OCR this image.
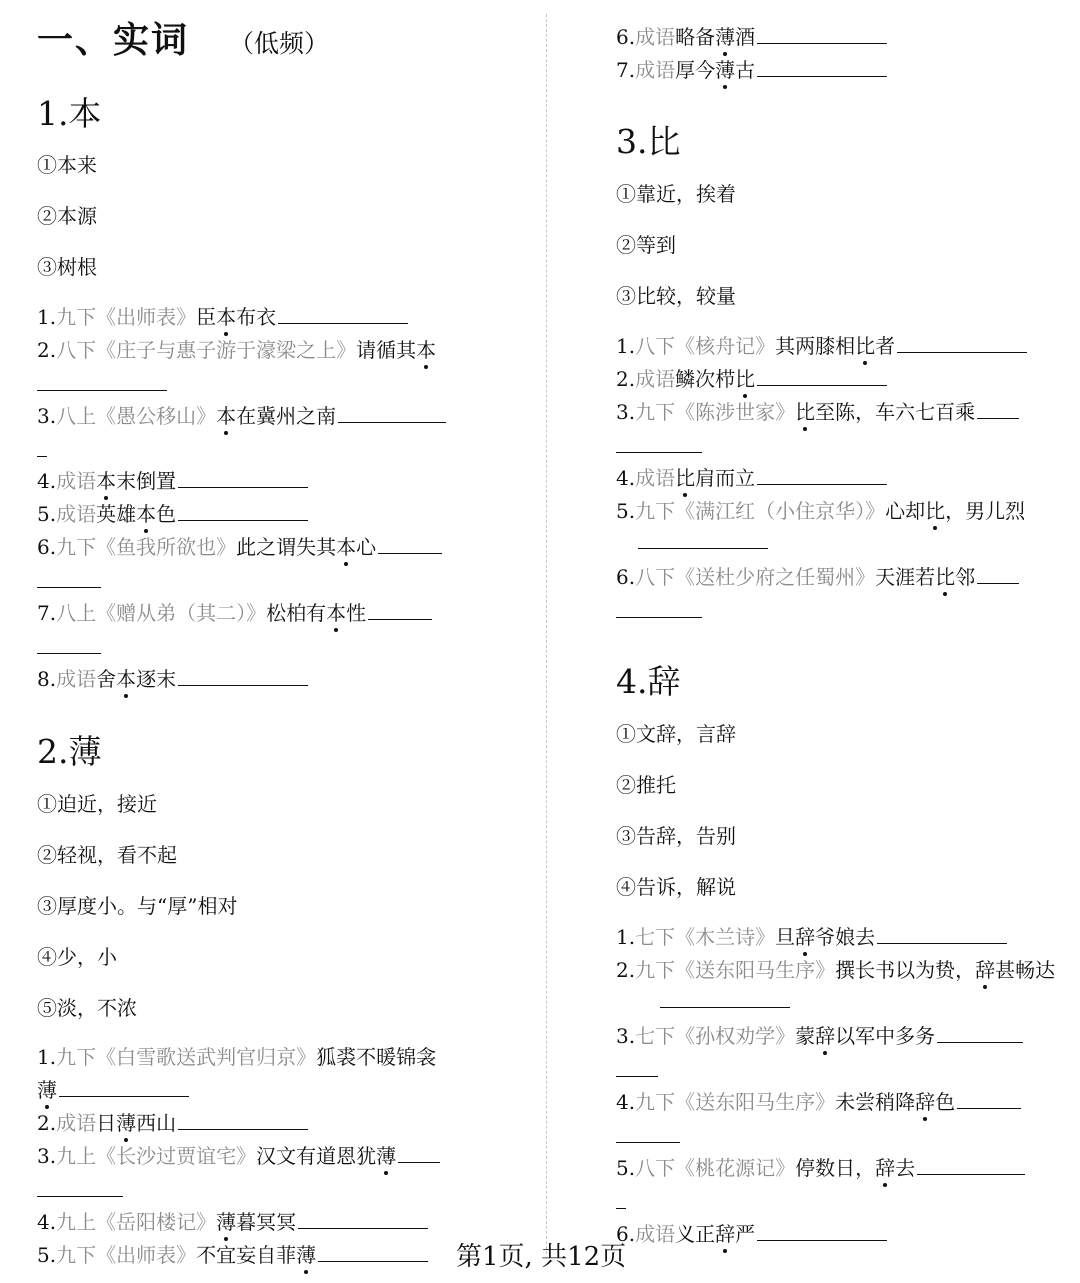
一、实词 （低频）
1.本
①本来
②本源
③树根
1.九下《出师表》臣本布衣
2.八下《庄子与惠子游于濠梁之上》请循其本
3.八上《愚公移山》本在冀州之南
4.成语本末倒置
5.成语英雄本色
6.九下《鱼我所欲也》此之谓失其本心
7.八上《赠从弟（其二）》松柏有本性
8.成语舍本逐末
2.薄
①迫近，接近
②轻视，看不起
③厚度小。与“厚”相对
④少，小
⑤淡，不浓
1.九下《白雪歌送武判官归京》狐裘不暖锦衾
薄
2.成语日薄西山
3.九上《长沙过贾谊宅》汉文有道恩犹薄
4.九上《岳阳楼记》薄暮冥冥
5.九下《出师表》不宜妄自菲薄
6.成语略备薄酒
7.成语厚今薄古
3.比
①靠近，挨着
②等到
③比较，较量
1.八下《核舟记》其两膝相比者
2.成语鳞次栉比
3.九下《陈涉世家》比至陈，车六七百乘
4.成语比肩而立
5.九下《满江红（小住京华）》心却比，男儿烈
6.八下《送杜少府之任蜀州》天涯若比邻
4.辞
①文辞，言辞
②推托
③告辞，告别
④告诉，解说
1.七下《木兰诗》旦辞爷娘去
2.九下《送东阳马生序》撰长书以为贽，辞甚畅达
3.七下《孙权劝学》蒙辞以军中多务
4.九下《送东阳马生序》未尝稍降辞色
5.八下《桃花源记》停数日，辞去
6.成语义正辞严
第1页, 共12页
